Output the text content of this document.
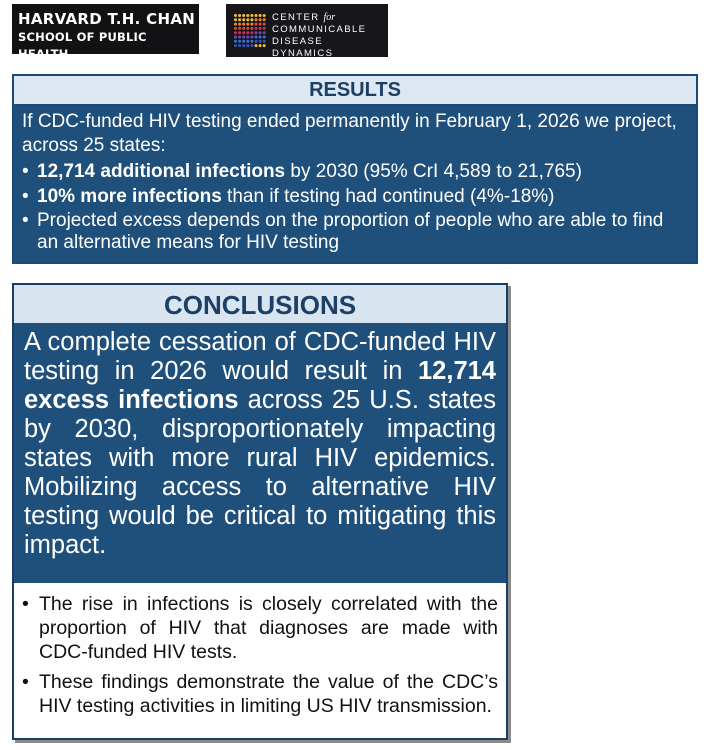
HARVARD T.H. CHAN
SCHOOL OF PUBLIC HEALTH
CENTER for
COMMUNICABLE
DISEASE DYNAMICS
RESULTS
If CDC-funded HIV testing ended permanently in February 1, 2026 we project, across 25 states:
• 12,714 additional infections by 2030 (95% CrI 4,589 to 21,765)
• 10% more infections than if testing had continued (4%-18%)
• Projected excess depends on the proportion of people who are able to find an alternative means for HIV testing
CONCLUSIONS
A complete cessation of CDC-funded HIV testing in 2026 would result in 12,714 excess infections across 25 U.S. states by 2030, disproportionately impacting states with more rural HIV epidemics. Mobilizing access to alternative HIV testing would be critical to mitigating this impact.
• The rise in infections is closely correlated with the proportion of HIV that diagnoses are made with CDC-funded HIV tests.
• These findings demonstrate the value of the CDC’s HIV testing activities in limiting US HIV transmission.
